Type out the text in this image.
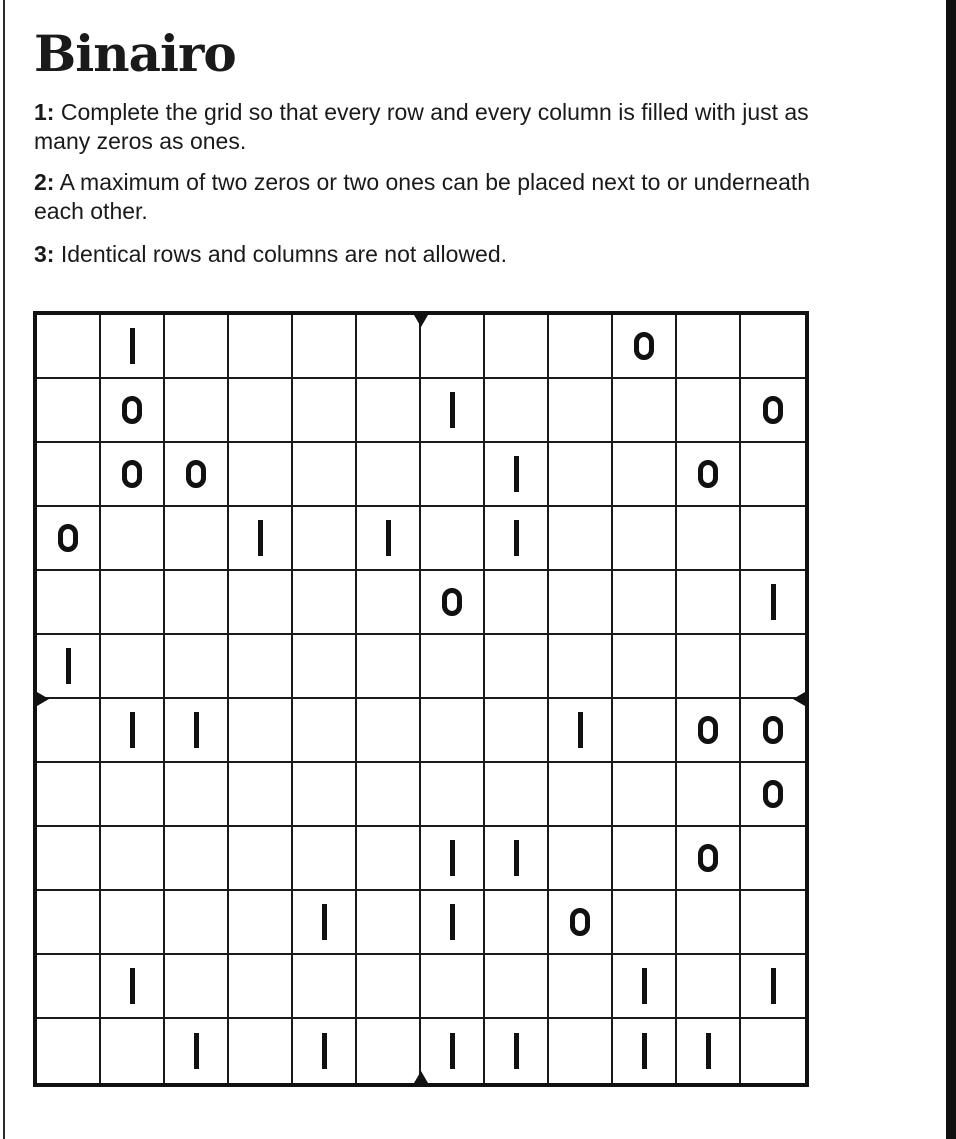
Binairo

1: Complete the grid so that every row and every column is filled with just as many zeros as ones.

2: A maximum of two zeros or two ones can be placed next to or underneath each other.

3: Identical rows and columns are not allowed.
